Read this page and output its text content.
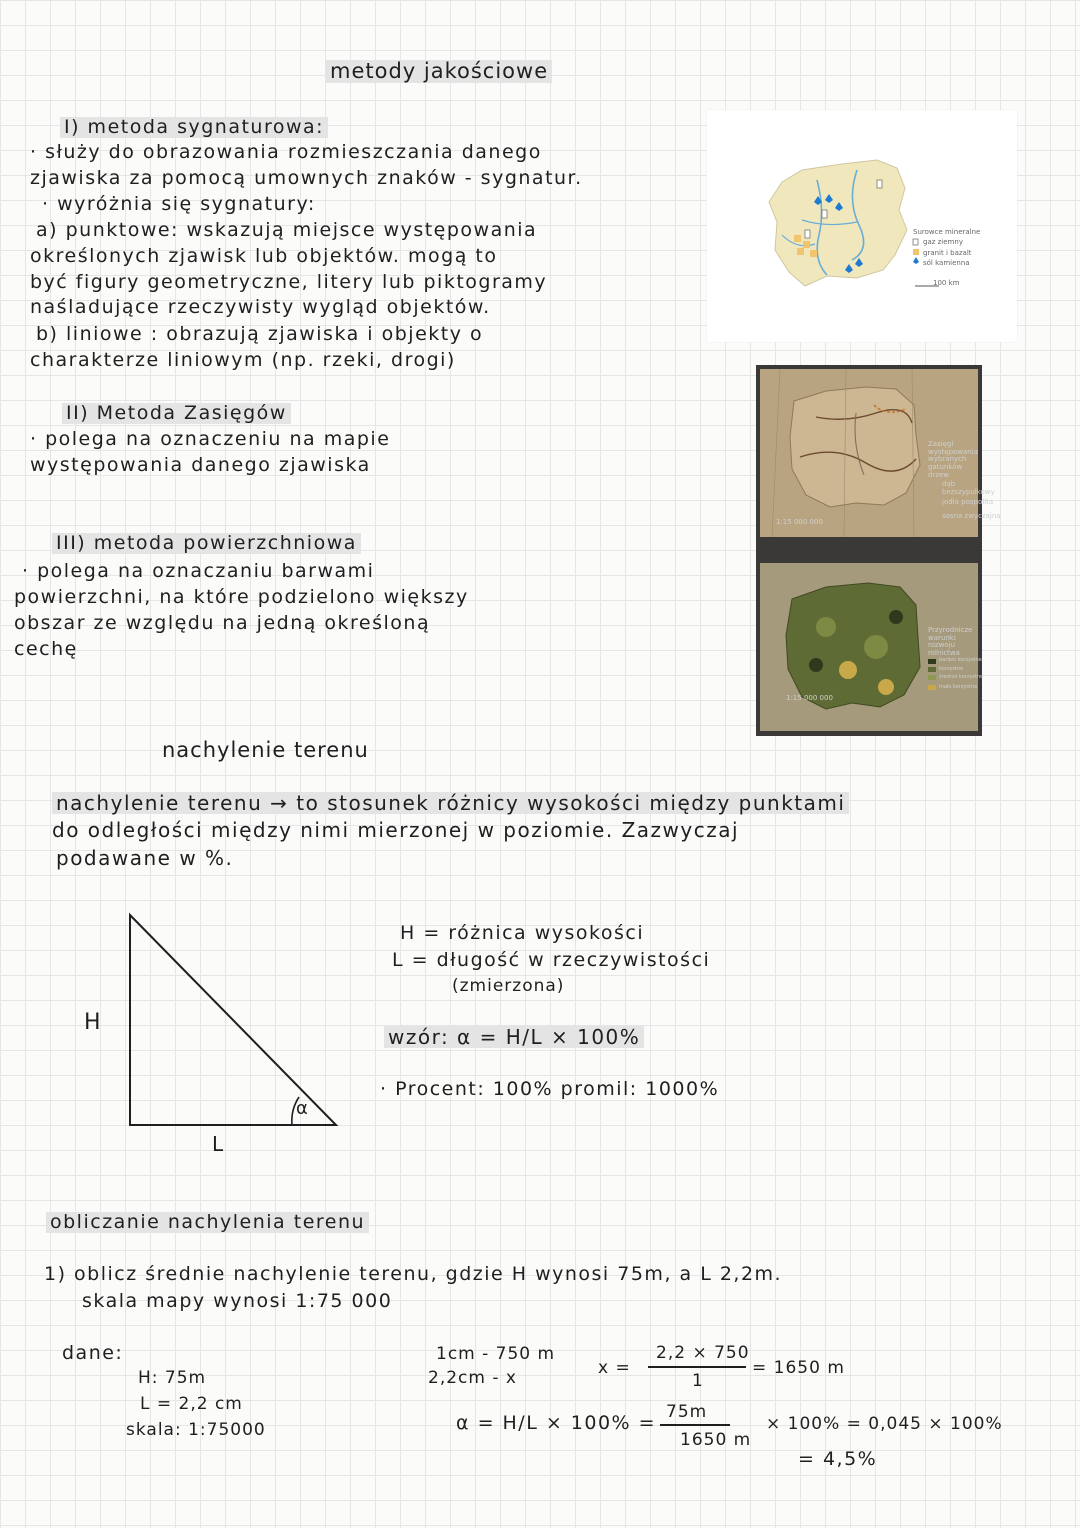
metody jakościowe
I) metoda sygnaturowa:
· służy do obrazowania rozmieszczania danego
zjawiska za pomocą umownych znaków - sygnatur.
· wyróżnia się sygnatury:
a) punktowe: wskazują miejsce występowania
określonych zjawisk lub objektów. mogą to
być figury geometryczne, litery lub piktogramy
naśladujące rzeczywisty wygląd objektów.
b) liniowe : obrazują zjawiska i objekty o
charakterze liniowym (np. rzeki, drogi)
II) Metoda Zasięgów
· polega na oznaczeniu na mapie
występowania danego zjawiska
III) metoda powierzchniowa
· polega na oznaczaniu barwami
powierzchni, na które podzielono większy
obszar ze względu na jedną określoną
cechę
Surowce mineralne
gaz ziemny
granit i bazalt
sól kamienna
100 km
Zasięgi występowania wybranych gatunków drzew
dąb bezszypułkowy
jodła pospolita
sosna zwyczajna
1:15 000 000
Przyrodnicze warunki rozwoju rolnictwa
bardzo korzystne
korzystne
średnio korzystne
mało korzystne
1:15 000 000
nachylenie terenu
nachylenie terenu → to stosunek różnicy wysokości między punktami
do odległości między nimi mierzonej w poziomie. Zazwyczaj
podawane w %.
H
L
α
H = różnica wysokości
L = długość w rzeczywistości
(zmierzona)
wzór: α = H/L × 100%
· Procent: 100% promil: 1000%
obliczanie nachylenia terenu
1) oblicz średnie nachylenie terenu, gdzie H wynosi 75m, a L 2,2m.
skala mapy wynosi 1:75 000
dane:
H: 75m
L = 2,2 cm
skala: 1:75000
1cm - 750 m
2,2cm - x	x =
2,2 × 750
1
= 1650 m
α = H/L × 100% = 75m
1650 m
× 100% = 0,045 × 100%
= 4,5%
